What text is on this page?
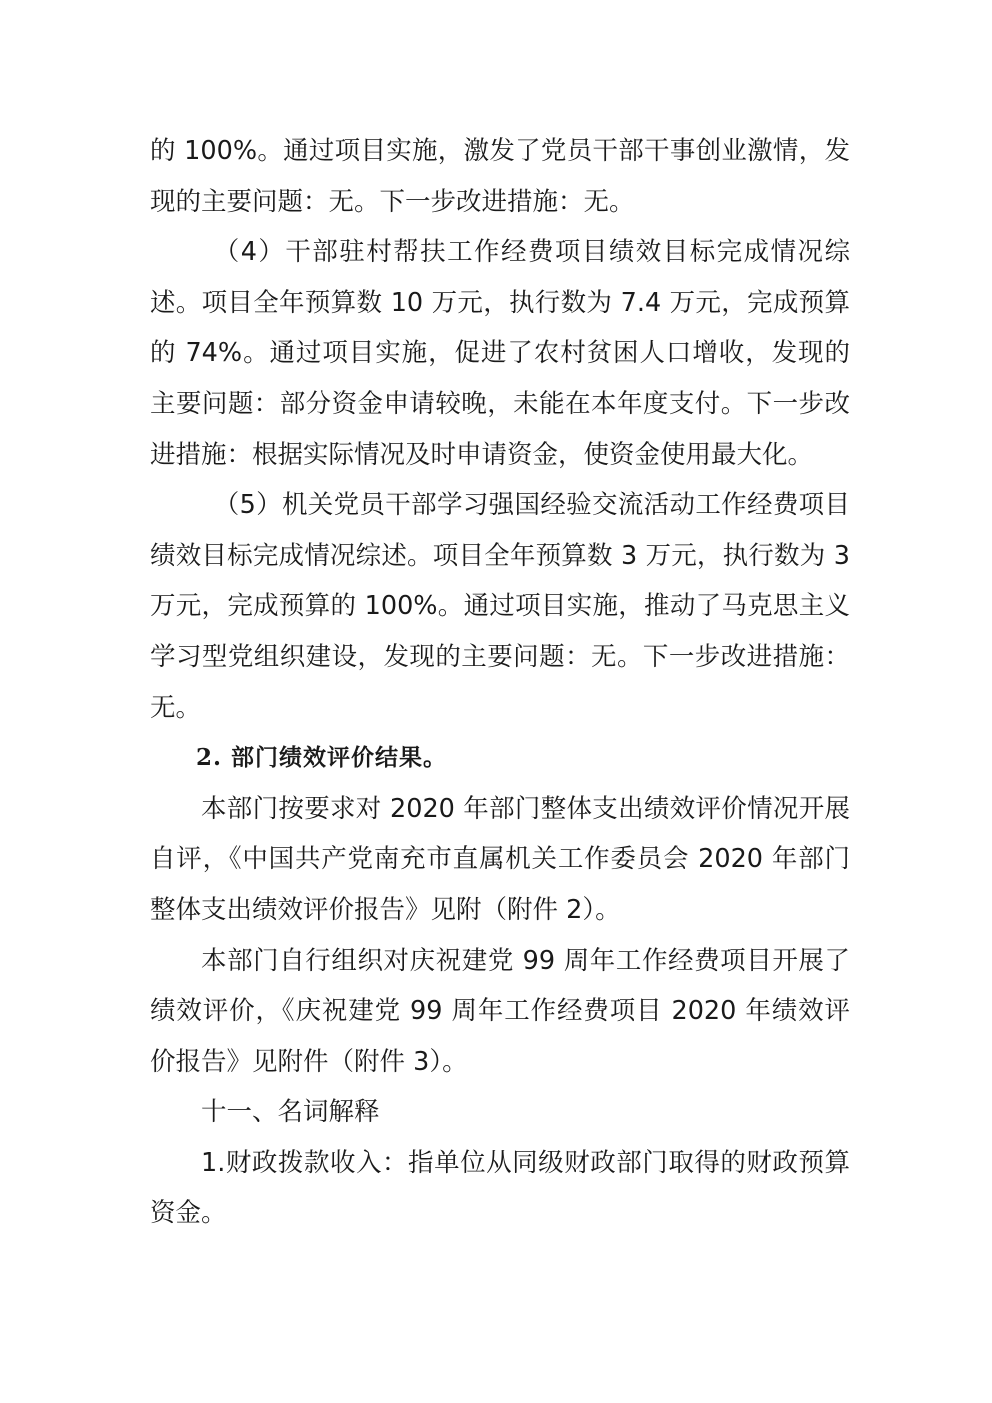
的 100%。通过项目实施，激发了党员干部干事创业激情，发现的主要问题：无。下一步改进措施：无。

（4）干部驻村帮扶工作经费项目绩效目标完成情况综述。项目全年预算数 10 万元，执行数为 7.4 万元，完成预算的 74%。通过项目实施，促进了农村贫困人口增收，发现的主要问题：部分资金申请较晚，未能在本年度支付。下一步改进措施：根据实际情况及时申请资金，使资金使用最大化。

（5）机关党员干部学习强国经验交流活动工作经费项目绩效目标完成情况综述。项目全年预算数 3 万元，执行数为 3 万元，完成预算的 100%。通过项目实施，推动了马克思主义学习型党组织建设，发现的主要问题：无。下一步改进措施：无。

2. 部门绩效评价结果。

本部门按要求对 2020 年部门整体支出绩效评价情况开展自评，《中国共产党南充市直属机关工作委员会 2020 年部门整体支出绩效评价报告》见附（附件 2）。

本部门自行组织对庆祝建党 99 周年工作经费项目开展了绩效评价，《庆祝建党 99 周年工作经费项目 2020 年绩效评价报告》见附件（附件 3）。

十一、名词解释

1.财政拨款收入：指单位从同级财政部门取得的财政预算资金。
